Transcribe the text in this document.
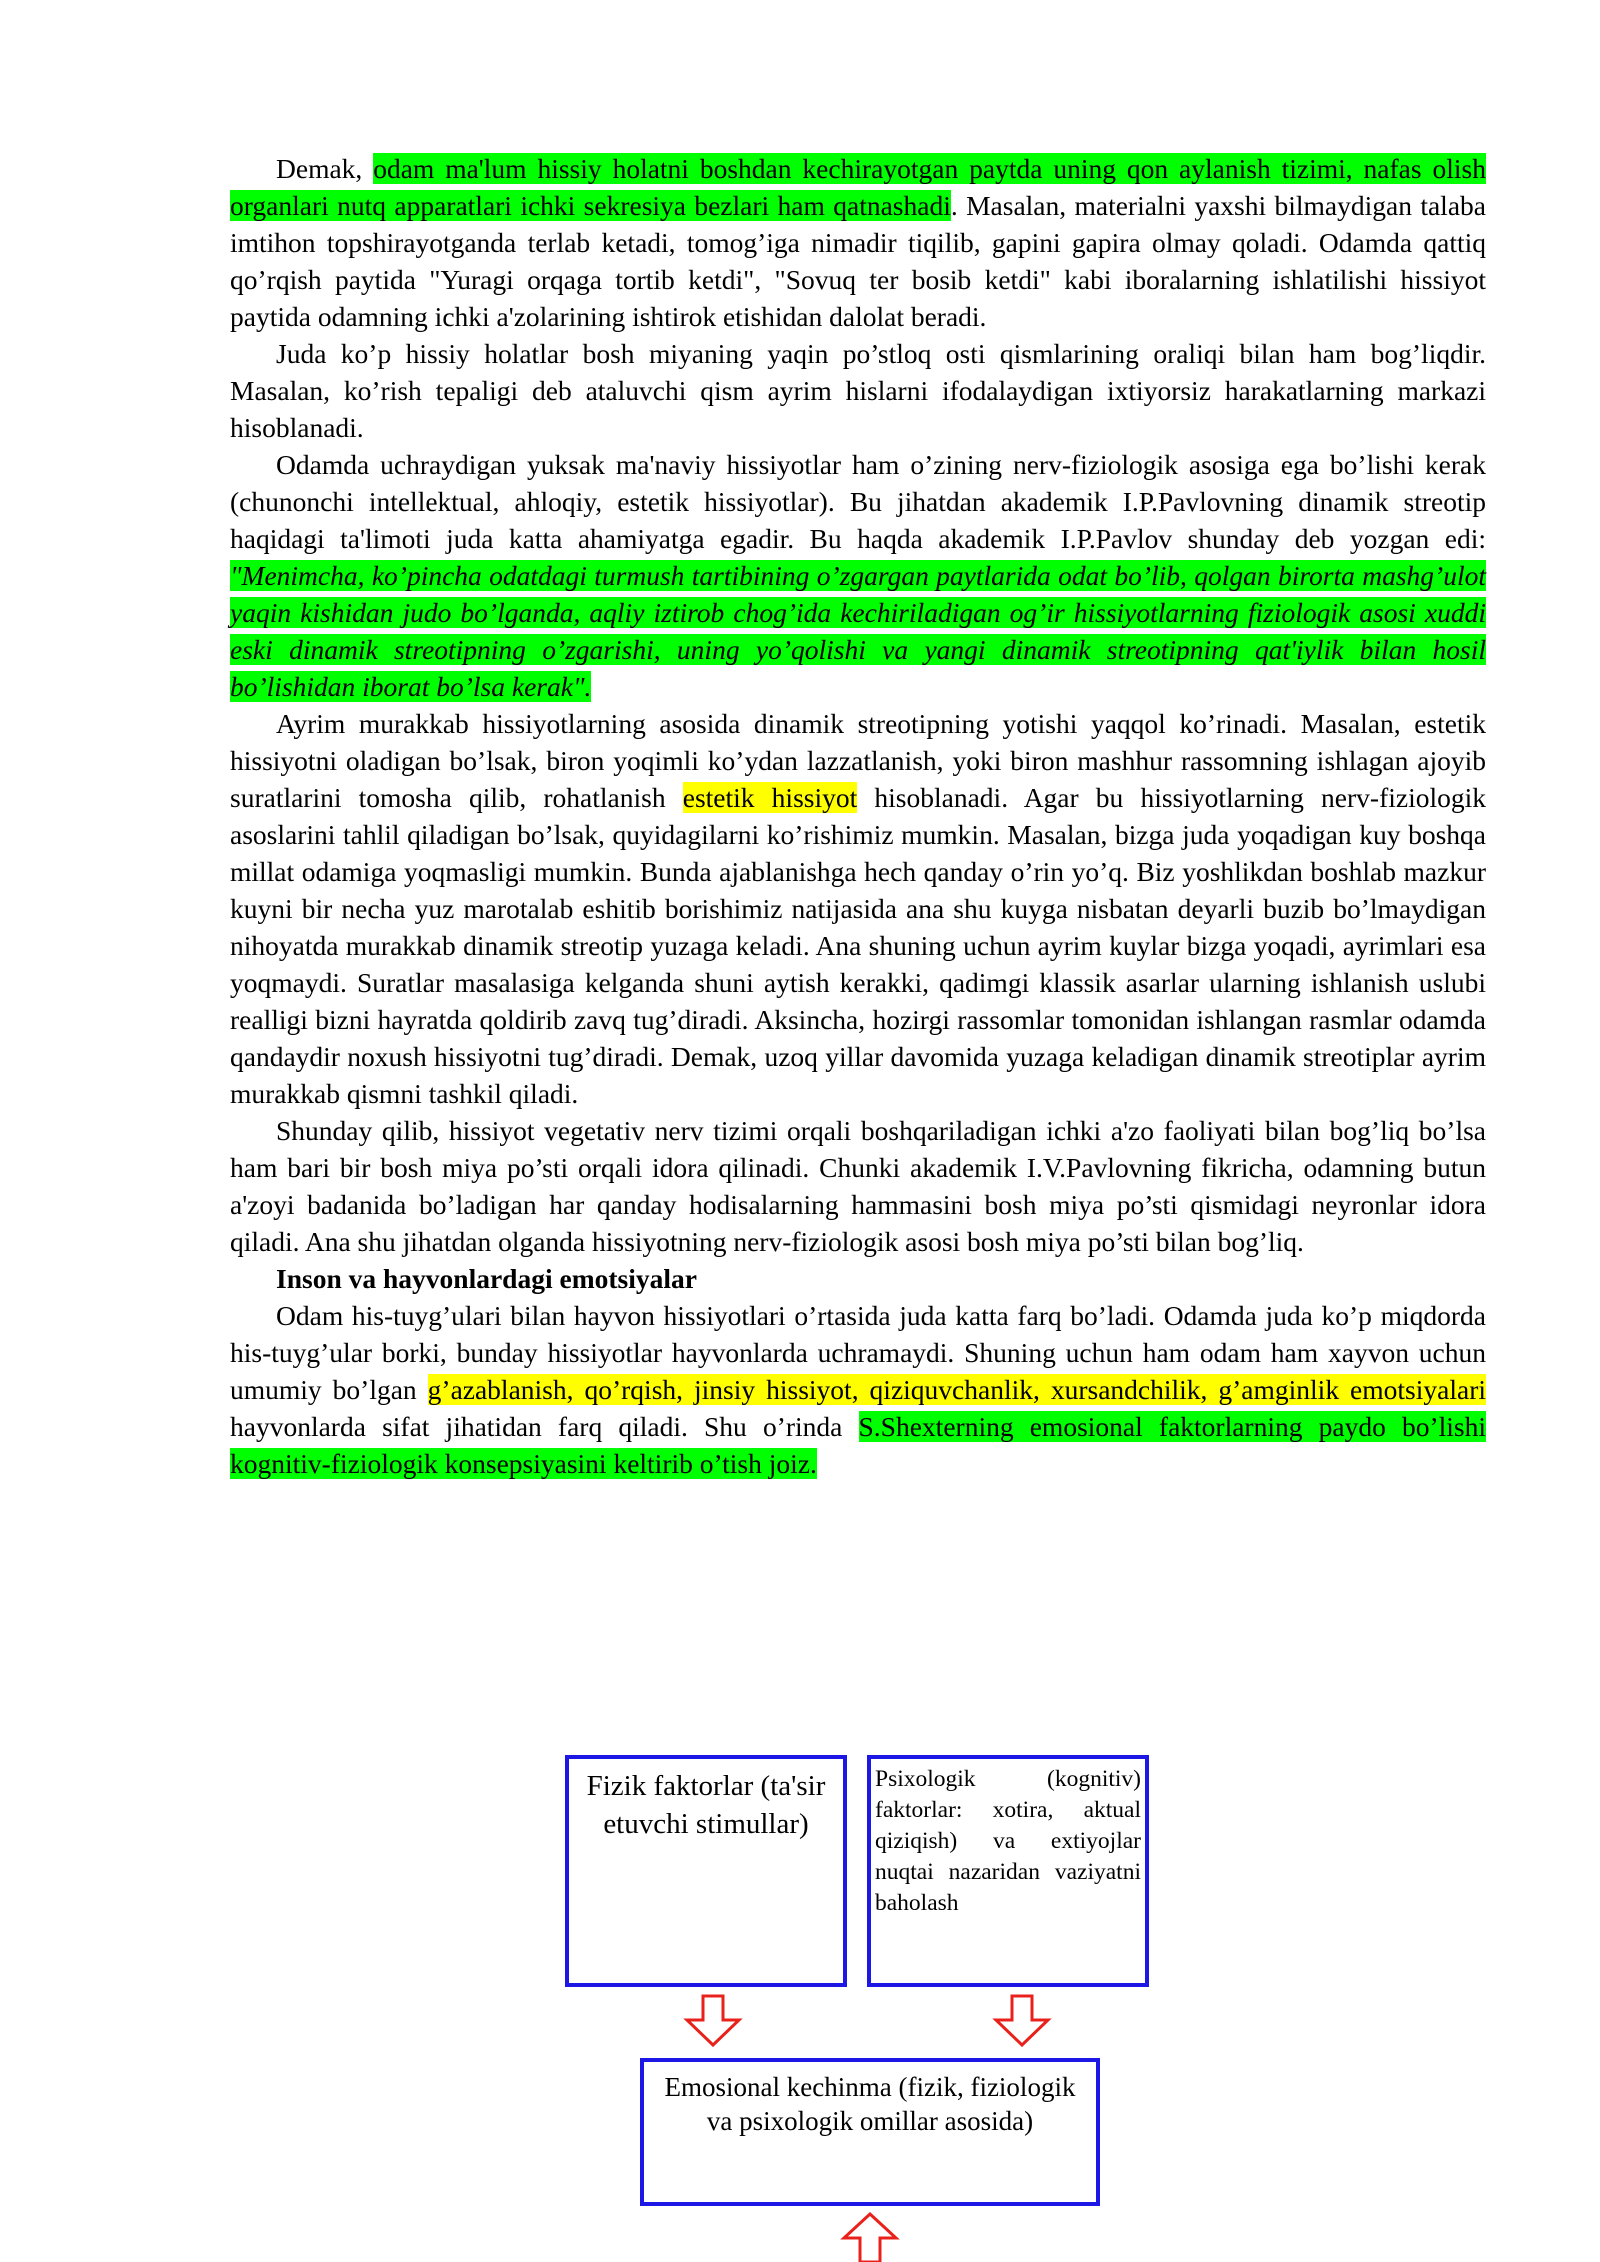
Demak, odam ma'lum hissiy holatni boshdan kechirayotgan paytda uning qon aylanish tizimi, nafas olish organlari nutq apparatlari ichki sekresiya bezlari ham qatnashadi. Masalan, materialni yaxshi bilmaydigan talaba imtihon topshirayotganda terlab ketadi, tomog’iga nimadir tiqilib, gapini gapira olmay qoladi. Odamda qattiq qo’rqish paytida "Yuragi orqaga tortib ketdi", "Sovuq ter bosib ketdi" kabi iboralarning ishlatilishi hissiyot paytida odamning ichki a'zolarining ishtirok etishidan dalolat beradi.

Juda ko’p hissiy holatlar bosh miyaning yaqin po’stloq osti qismlarining oraliqi bilan ham bog’liqdir. Masalan, ko’rish tepaligi deb ataluvchi qism ayrim hislarni ifodalaydigan ixtiyorsiz harakatlarning markazi hisoblanadi.

Odamda uchraydigan yuksak ma'naviy hissiyotlar ham o’zining nerv-fiziologik asosiga ega bo’lishi kerak (chunonchi intellektual, ahloqiy, estetik hissiyotlar). Bu jihatdan akademik I.P.Pavlovning dinamik streotip haqidagi ta'limoti juda katta ahamiyatga egadir. Bu haqda akademik I.P.Pavlov shunday deb yozgan edi: "Menimcha, ko’pincha odatdagi turmush tartibining o’zgargan paytlarida odat bo’lib, qolgan birorta mashg’ulot yaqin kishidan judo bo’lganda, aqliy iztirob chog’ida kechiriladigan og’ir hissiyotlarning fiziologik asosi xuddi eski dinamik streotipning o’zgarishi, uning yo’qolishi va yangi dinamik streotipning qat'iylik bilan hosil bo’lishidan iborat bo’lsa kerak".

Ayrim murakkab hissiyotlarning asosida dinamik streotipning yotishi yaqqol ko’rinadi. Masalan, estetik hissiyotni oladigan bo’lsak, biron yoqimli ko’ydan lazzatlanish, yoki biron mashhur rassomning ishlagan ajoyib suratlarini tomosha qilib, rohatlanish estetik hissiyot hisoblanadi. Agar bu hissiyotlarning nerv-fiziologik asoslarini tahlil qiladigan bo’lsak, quyidagilarni ko’rishimiz mumkin. Masalan, bizga juda yoqadigan kuy boshqa millat odamiga yoqmasligi mumkin. Bunda ajablanishga hech qanday o’rin yo’q. Biz yoshlikdan boshlab mazkur kuyni bir necha yuz marotalab eshitib borishimiz natijasida ana shu kuyga nisbatan deyarli buzib bo’lmaydigan nihoyatda murakkab dinamik streotip yuzaga keladi. Ana shuning uchun ayrim kuylar bizga yoqadi, ayrimlari esa yoqmaydi. Suratlar masalasiga kelganda shuni aytish kerakki, qadimgi klassik asarlar ularning ishlanish uslubi realligi bizni hayratda qoldirib zavq tug’diradi. Aksincha, hozirgi rassomlar tomonidan ishlangan rasmlar odamda qandaydir noxush hissiyotni tug’diradi. Demak, uzoq yillar davomida yuzaga keladigan dinamik streotiplar ayrim murakkab qismni tashkil qiladi.

Shunday qilib, hissiyot vegetativ nerv tizimi orqali boshqariladigan ichki a'zo faoliyati bilan bog’liq bo’lsa ham bari bir bosh miya po’sti orqali idora qilinadi. Chunki akademik I.V.Pavlovning fikricha, odamning butun a'zoyi badanida bo’ladigan har qanday hodisalarning hammasini bosh miya po’sti qismidagi neyronlar idora qiladi. Ana shu jihatdan olganda hissiyotning nerv-fiziologik asosi bosh miya po’sti bilan bog’liq.

Inson va hayvonlardagi emotsiyalar

Odam his-tuyg’ulari bilan hayvon hissiyotlari o’rtasida juda katta farq bo’ladi. Odamda juda ko’p miqdorda his-tuyg’ular borki, bunday hissiyotlar hayvonlarda uchramaydi. Shuning uchun ham odam ham xayvon uchun umumiy bo’lgan g’azablanish, qo’rqish, jinsiy hissiyot, qiziquvchanlik, xursandchilik, g’amginlik emotsiyalari hayvonlarda sifat jihatidan farq qiladi. Shu o’rinda S.Shexterning emosional faktorlarning paydo bo’lishi kognitiv-fiziologik konsepsiyasini keltirib o’tish joiz.

Fizik faktorlar (ta'sir etuvchi stimullar)
Psixologik (kognitiv) faktorlar: xotira, aktual qiziqish) va extiyojlar nuqtai nazaridan vaziyatni baholash
Emosional kechinma (fizik, fiziologik va psixologik omillar asosida)
